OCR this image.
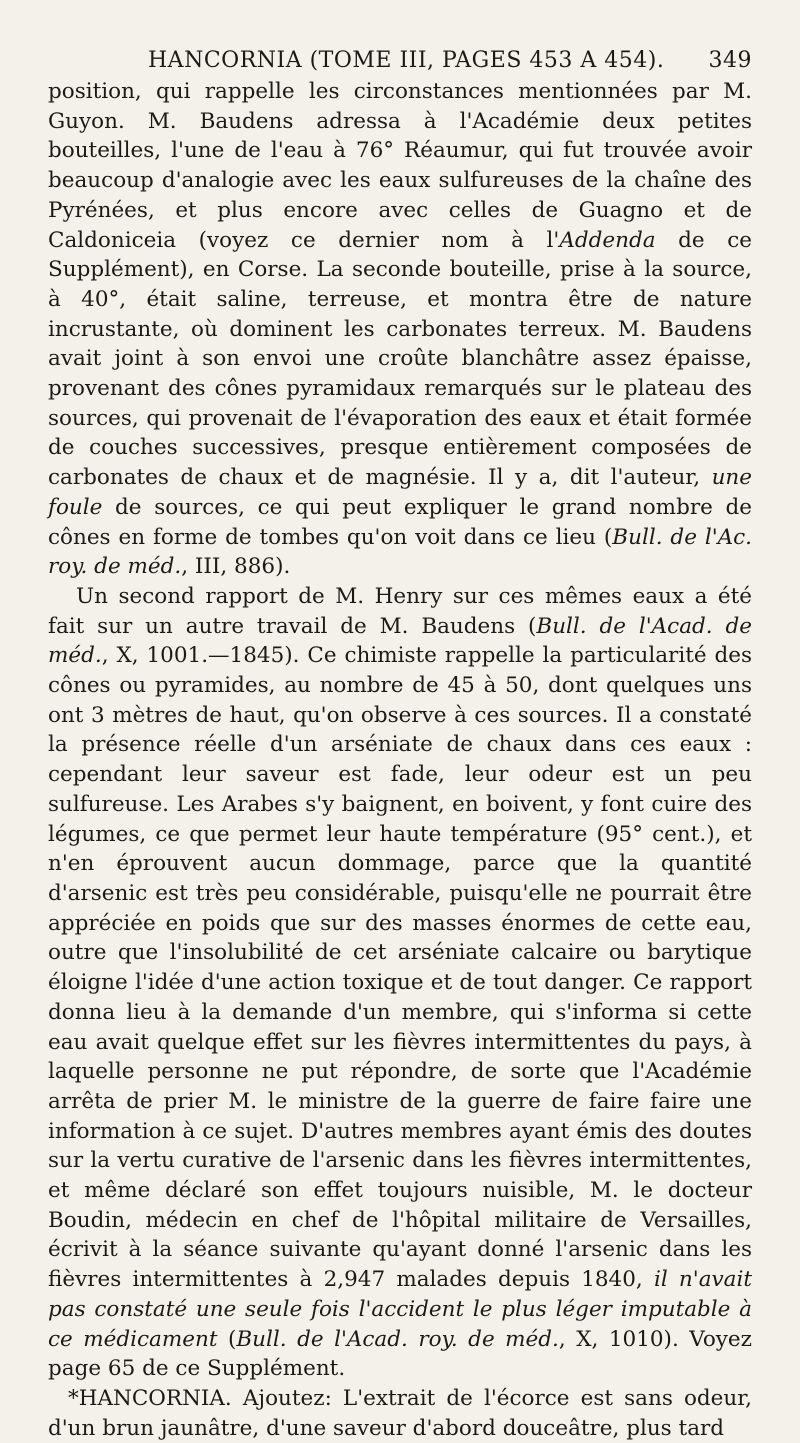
HANCORNIA (TOME III, PAGES 453 A 454). 349

position, qui rappelle les circonstances mentionnées par M. Guyon. M. Baudens adressa à l'Académie deux petites bouteilles, l'une de l'eau à 76° Réaumur, qui fut trouvée avoir beaucoup d'analogie avec les eaux sulfureuses de la chaîne des Pyrénées, et plus encore avec celles de Guagno et de Caldoniceia (voyez ce dernier nom à l'Addenda de ce Supplément), en Corse. La seconde bouteille, prise à la source, à 40°, était saline, terreuse, et montra être de nature incrustante, où dominent les carbonates terreux. M. Baudens avait joint à son envoi une croûte blanchâtre assez épaisse, provenant des cônes pyramidaux remarqués sur le plateau des sources, qui provenait de l'évaporation des eaux et était formée de couches successives, presque entièrement composées de carbonates de chaux et de magnésie. Il y a, dit l'auteur, une foule de sources, ce qui peut expliquer le grand nombre de cônes en forme de tombes qu'on voit dans ce lieu (Bull. de l'Ac. roy. de méd., III, 886).

Un second rapport de M. Henry sur ces mêmes eaux a été fait sur un autre travail de M. Baudens (Bull. de l'Acad. de méd., X, 1001.—1845). Ce chimiste rappelle la particularité des cônes ou pyramides, au nombre de 45 à 50, dont quelques uns ont 3 mètres de haut, qu'on observe à ces sources. Il a constaté la présence réelle d'un arséniate de chaux dans ces eaux : cependant leur saveur est fade, leur odeur est un peu sulfureuse. Les Arabes s'y baignent, en boivent, y font cuire des légumes, ce que permet leur haute température (95° cent.), et n'en éprouvent aucun dommage, parce que la quantité d'arsenic est très peu considérable, puisqu'elle ne pourrait être appréciée en poids que sur des masses énormes de cette eau, outre que l'insolubilité de cet arséniate calcaire ou barytique éloigne l'idée d'une action toxique et de tout danger. Ce rapport donna lieu à la demande d'un membre, qui s'informa si cette eau avait quelque effet sur les fièvres intermittentes du pays, à laquelle personne ne put répondre, de sorte que l'Académie arrêta de prier M. le ministre de la guerre de faire faire une information à ce sujet. D'autres membres ayant émis des doutes sur la vertu curative de l'arsenic dans les fièvres intermittentes, et même déclaré son effet toujours nuisible, M. le docteur Boudin, médecin en chef de l'hôpital militaire de Versailles, écrivit à la séance suivante qu'ayant donné l'arsenic dans les fièvres intermittentes à 2,947 malades depuis 1840, il n'avait pas constaté une seule fois l'accident le plus léger imputable à ce médicament (Bull. de l'Acad. roy. de méd., X, 1010). Voyez page 65 de ce Supplément.

*HANCORNIA. Ajoutez: L'extrait de l'écorce est sans odeur, d'un brun jaunâtre, d'une saveur d'abord douceâtre, plus tard
